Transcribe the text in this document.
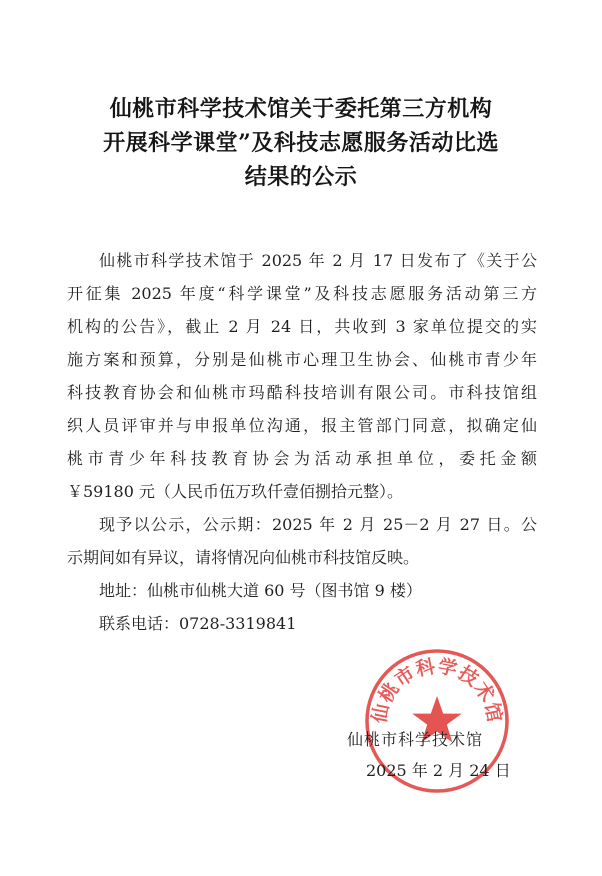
仙桃市科学技术馆关于委托第三方机构
开展科学课堂”及科技志愿服务活动比选
结果的公示
仙桃市科学技术馆于 2025 年 2 月 17 日发布了《关于公
开征集 2025 年度“科学课堂”及科技志愿服务活动第三方
机构的公告》，截止 2 月 24 日，共收到 3 家单位提交的实
施方案和预算，分别是仙桃市心理卫生协会、仙桃市青少年
科技教育协会和仙桃市玛酷科技培训有限公司。市科技馆组
织人员评审并与申报单位沟通，报主管部门同意，拟确定仙
桃市青少年科技教育协会为活动承担单位，委托金额
￥59180 元（人民币伍万玖仟壹佰捌拾元整）。
现予以公示，公示期：2025 年 2 月 25－2 月 27 日。公
示期间如有异议，请将情况向仙桃市科技馆反映。
地址：仙桃市仙桃大道 60 号（图书馆 9 楼）
联系电话：0728-3319841
仙桃市科学技术馆
仙桃市科学技术馆
2025 年 2 月 24 日
